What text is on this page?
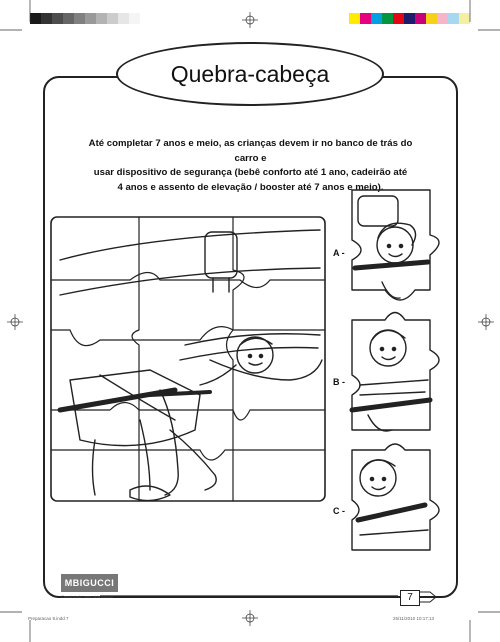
Quebra-cabeça
Até completar 7 anos e meio, as crianças devem ir no banco de trás do carro e
usar dispositivo de segurança (bebê conforto até 1 ano, cadeirão até
4 anos e assento de elevação / booster até 7 anos e meio).
A -
B -
C -
MBIGUCCI
Construindo uma vida melhor	7
Preparacao 9.indd 7	25/11/2010 10:17:13
